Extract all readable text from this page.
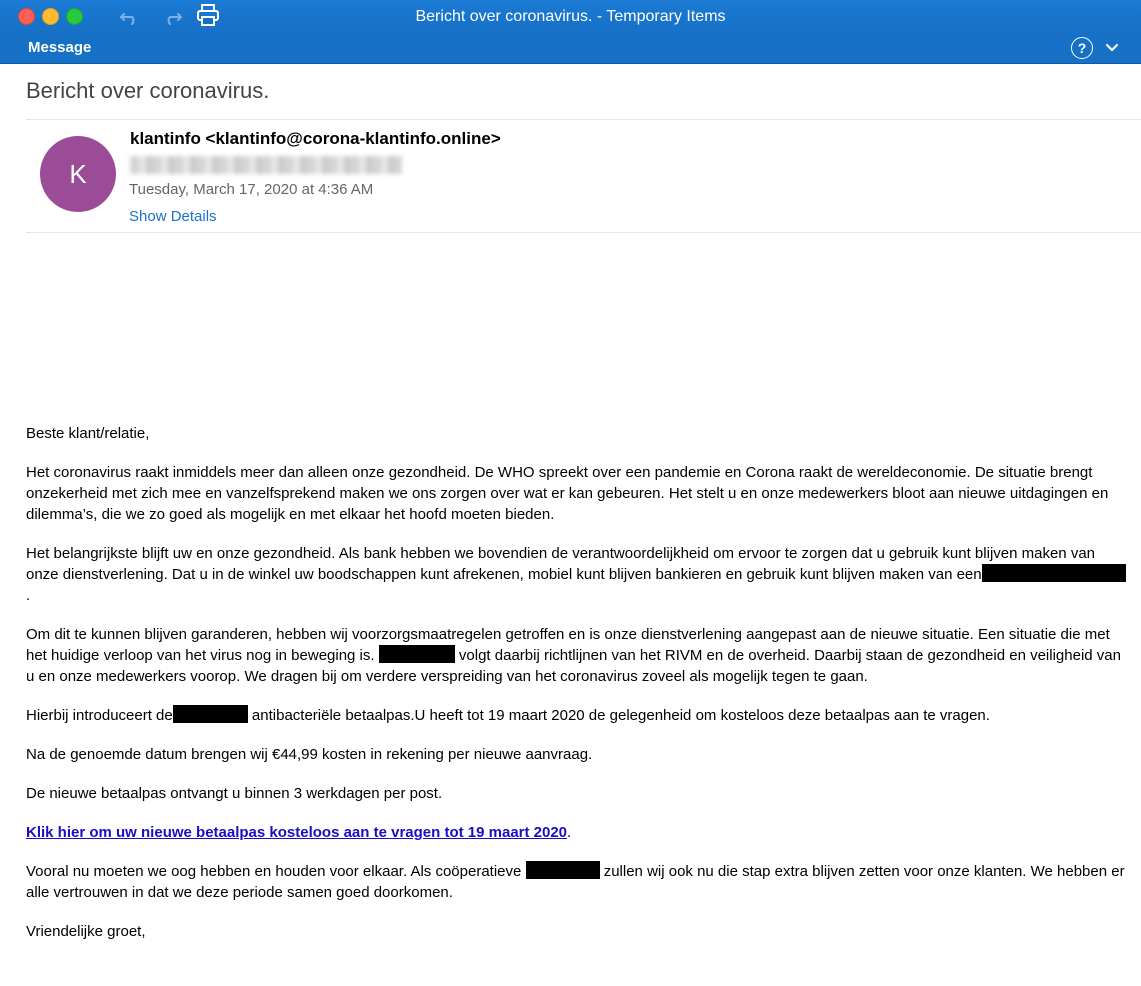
Bericht over coronavirus. - Temporary Items
Message	?
Bericht over coronavirus.
K
klantinfo <klantinfo@corona-klantinfo.online>
Tuesday, March 17, 2020 at 4:36 AM
Show Details

Beste klant/relatie,

Het coronavirus raakt inmiddels meer dan alleen onze gezondheid. De WHO spreekt over een pandemie en Corona raakt de wereldeconomie. De situatie brengt onzekerheid met zich mee en vanzelfsprekend maken we ons zorgen over wat er kan gebeuren. Het stelt u en onze medewerkers bloot aan nieuwe uitdagingen en dilemma’s, die we zo goed als mogelijk en met elkaar het hoofd moeten bieden.

Het belangrijkste blijft uw en onze gezondheid. Als bank hebben we bovendien de verantwoordelijkheid om ervoor te zorgen dat u gebruik kunt blijven maken van onze dienstverlening. Dat u in de winkel uw boodschappen kunt afrekenen, mobiel kunt blijven bankieren en gebruik kunt blijven maken van een.

Om dit te kunnen blijven garanderen, hebben wij voorzorgsmaatregelen getroffen en is onze dienstverlening aangepast aan de nieuwe situatie. Een situatie die met het huidige verloop van het virus nog in beweging is.	volgt daarbij richtlijnen van het RIVM en de overheid. Daarbij staan de gezondheid en veiligheid van u en onze medewerkers voorop. We dragen bij om verdere verspreiding van het coronavirus zoveel als mogelijk tegen te gaan.

Hierbij introduceert de	antibacteriële betaalpas.U heeft tot 19 maart 2020 de gelegenheid om kosteloos deze betaalpas aan te vragen.

Na de genoemde datum brengen wij €44,99 kosten in rekening per nieuwe aanvraag.

De nieuwe betaalpas ontvangt u binnen 3 werkdagen per post.

Klik hier om uw nieuwe betaalpas kosteloos aan te vragen tot 19 maart 2020.

Vooral nu moeten we oog hebben en houden voor elkaar. Als coöperatieve	zullen wij ook nu die stap extra blijven zetten voor onze klanten. We hebben er alle vertrouwen in dat we deze periode samen goed doorkomen.

Vriendelijke groet,
